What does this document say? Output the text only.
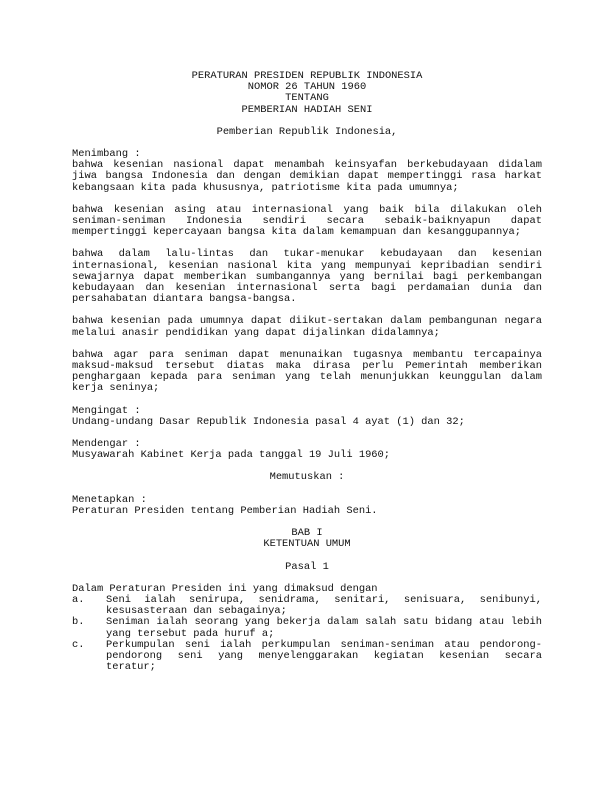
PERATURAN PRESIDEN REPUBLIK INDONESIA
NOMOR 26 TAHUN 1960
TENTANG
PEMBERIAN HADIAH SENI
Pemberian Republik Indonesia,
Menimbang :

bahwa kesenian nasional dapat menambah keinsyafan berkebudayaan didalam jiwa bangsa Indonesia dan dengan demikian dapat mempertinggi rasa harkat kebangsaan kita pada khususnya, patriotisme kita pada umumnya;

bahwa kesenian asing atau internasional yang baik bila dilakukan oleh seniman-seniman Indonesia sendiri secara sebaik-baiknyapun dapat mempertinggi kepercayaan bangsa kita dalam kemampuan dan kesanggupannya;

bahwa dalam lalu-lintas dan tukar-menukar kebudayaan dan kesenian internasional, kesenian nasional kita yang mempunyai kepribadian sendiri sewajarnya dapat memberikan sumbangannya yang bernilai bagi perkembangan kebudayaan dan kesenian internasional serta bagi perdamaian dunia dan persahabatan diantara bangsa-bangsa.

bahwa kesenian pada umumnya dapat diikut-sertakan dalam pembangunan negara melalui anasir pendidikan yang dapat dijalinkan didalamnya;

bahwa agar para seniman dapat menunaikan tugasnya membantu tercapainya maksud-maksud tersebut diatas maka dirasa perlu Pemerintah memberikan penghargaan kepada para seniman yang telah menunjukkan keunggulan dalam kerja seninya;

Mengingat :
Undang-undang Dasar Republik Indonesia pasal 4 ayat (1) dan 32;
Mendengar :
Musyawarah Kabinet Kerja pada tanggal 19 Juli 1960;
Memutuskan :
Menetapkan :
Peraturan Presiden tentang Pemberian Hadiah Seni.
BAB I
KETENTUAN UMUM
Pasal 1
Dalam Peraturan Presiden ini yang dimaksud dengan
a. Seni ialah senirupa, senidrama, senitari, senisuara, senibunyi, kesusasteraan dan sebagainya;
b. Seniman ialah seorang yang bekerja dalam salah satu bidang atau lebih yang tersebut pada huruf a;
c. Perkumpulan seni ialah perkumpulan seniman-seniman atau pendorong-pendorong seni yang menyelenggarakan kegiatan kesenian secara teratur;
